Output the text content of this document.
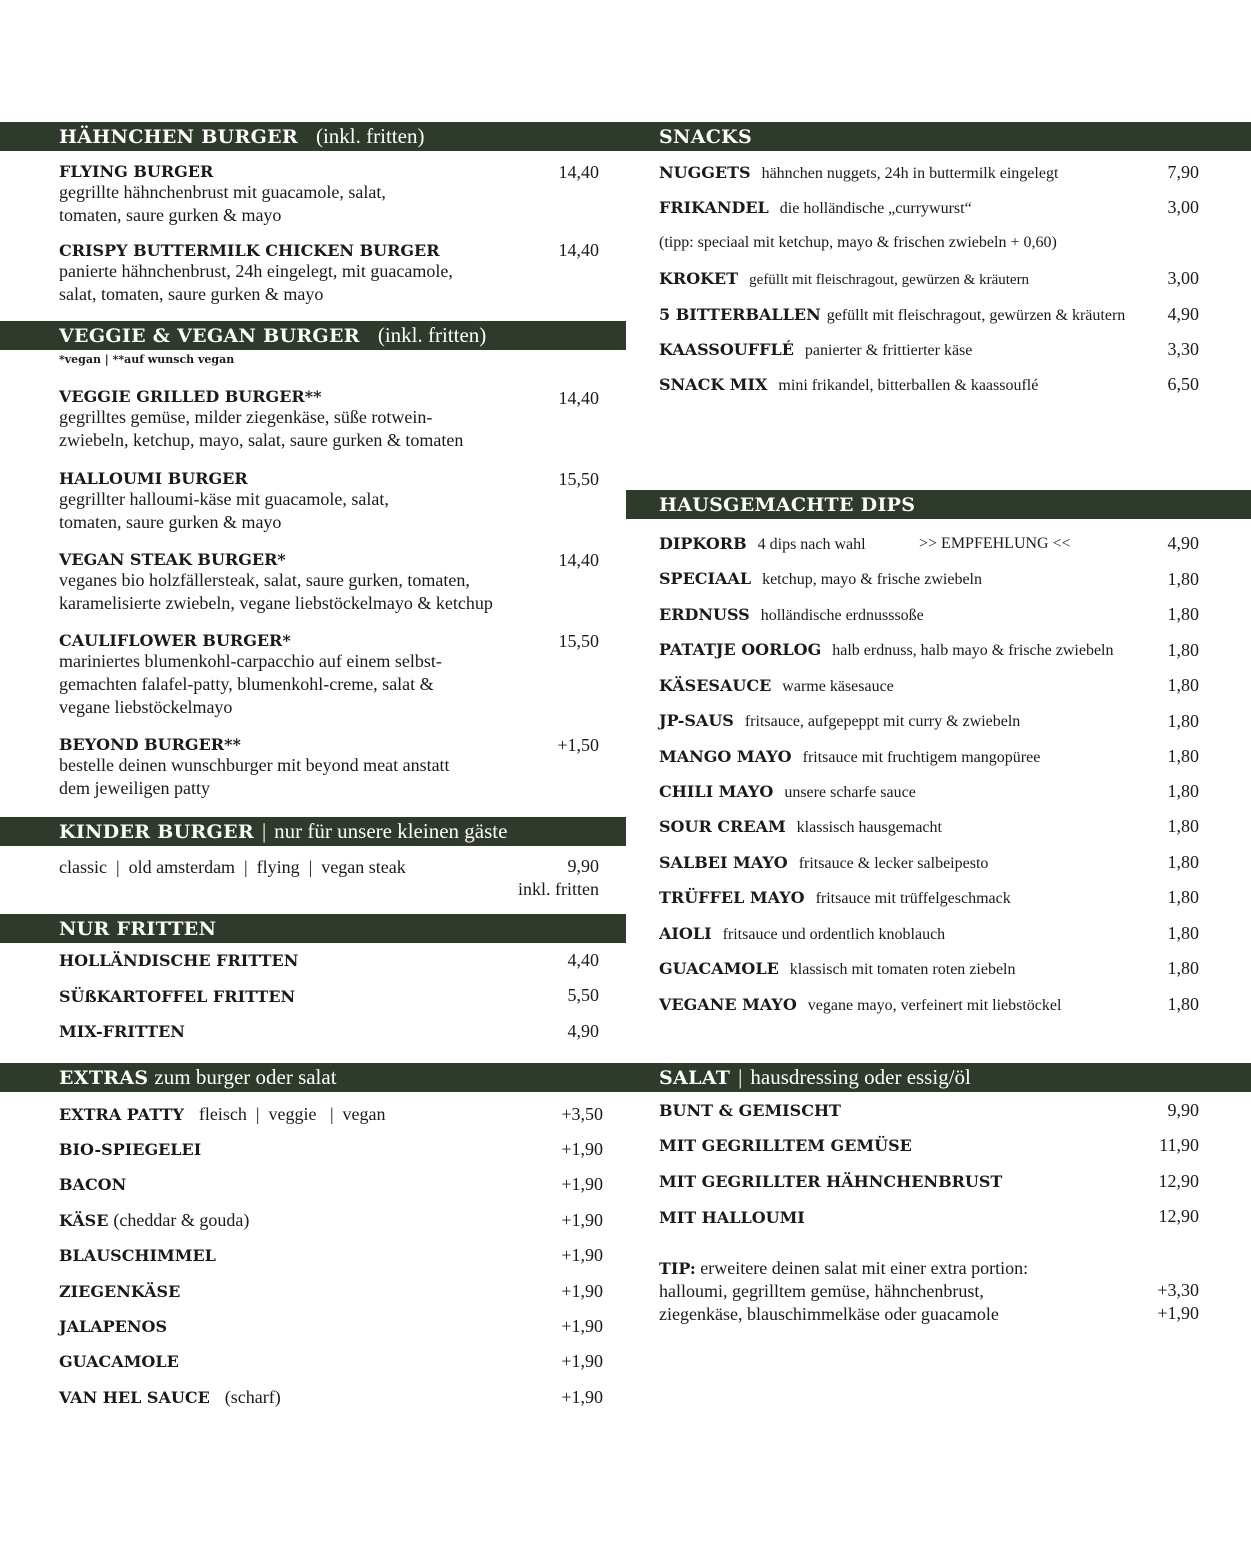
HÄHNCHEN BURGER (inkl. fritten)
FLYING BURGER
gegrillte hähnchenbrust mit guacamole, salat,
tomaten, saure gurken & mayo
14,40
CRISPY BUTTERMILK CHICKEN BURGER
panierte hähnchenbrust, 24h eingelegt, mit guacamole,
salat, tomaten, saure gurken & mayo
14,40
VEGGIE & VEGAN BURGER (inkl. fritten)
*vegan | **auf wunsch vegan
VEGGIE GRILLED BURGER**
gegrilltes gemüse, milder ziegenkäse, süße rotwein-
zwiebeln, ketchup, mayo, salat, saure gurken & tomaten
14,40
HALLOUMI BURGER
gegrillter halloumi-käse mit guacamole, salat,
tomaten, saure gurken & mayo
15,50
VEGAN STEAK BURGER*
veganes bio holzfällersteak, salat, saure gurken, tomaten,
karamelisierte zwiebeln, vegane liebstöckelmayo & ketchup
14,40
CAULIFLOWER BURGER*
mariniertes blumenkohl-carpacchio auf einem selbst-
gemachten falafel-patty, blumenkohl-creme, salat &
vegane liebstöckelmayo
15,50
BEYOND BURGER**
bestelle deinen wunschburger mit beyond meat anstatt
dem jeweiligen patty
+1,50
KINDER BURGER | nur für unsere kleinen gäste
classic  |  old amsterdam  |  flying  |  vegan steak	9,90
inkl. fritten
NUR FRITTEN
HOLLÄNDISCHE FRITTEN	4,40
SÜßKARTOFFEL FRITTEN	5,50
MIX-FRITTEN	4,90
EXTRAS zum burger oder salat
EXTRA PATTY fleisch  |  veggie   |  vegan	+3,50
BIO-SPIEGELEI	+1,90
BACON	+1,90
KÄSE (cheddar & gouda)	+1,90
BLAUSCHIMMEL	+1,90
ZIEGENKÄSE	+1,90
JALAPENOS	+1,90
GUACAMOLE	+1,90
VAN HEL SAUCE (scharf)	+1,90
SNACKS
NUGGETS hähnchen nuggets, 24h in buttermilk eingelegt	7,90
FRIKANDEL die holländische „currywurst“	3,00
(tipp: speciaal mit ketchup, mayo & frischen zwiebeln + 0,60)
KROKET gefüllt mit fleischragout, gewürzen & kräutern	3,00
5 BITTERBALLEN gefüllt mit fleischragout, gewürzen & kräutern 4,90
KAASSOUFFLÉ panierter & frittierter käse	3,30
SNACK MIX mini frikandel, bitterballen & kaassouflé	6,50
HAUSGEMACHTE DIPS
DIPKORB 4 dips nach wahl	>> EMPFEHLUNG <<	4,90
SPECIAAL ketchup, mayo & frische zwiebeln	1,80
ERDNUSS holländische erdnusssoße	1,80
PATATJE OORLOG halb erdnuss, halb mayo & frische zwiebeln	1,80
KÄSESAUCE warme käsesauce	1,80
JP-SAUS fritsauce, aufgepeppt mit curry & zwiebeln	1,80
MANGO MAYO fritsauce mit fruchtigem mangopüree	1,80
CHILI MAYO unsere scharfe sauce	1,80
SOUR CREAM klassisch hausgemacht	1,80
SALBEI MAYO fritsauce & lecker salbeipesto	1,80
TRÜFFEL MAYO fritsauce mit trüffelgeschmack	1,80
AIOLI fritsauce und ordentlich knoblauch	1,80
GUACAMOLE klassisch mit tomaten roten ziebeln	1,80
VEGANE MAYO vegane mayo, verfeinert mit liebstöckel	1,80
SALAT | hausdressing oder essig/öl
BUNT & GEMISCHT	9,90
MIT GEGRILLTEM GEMÜSE	11,90
MIT GEGRILLTER HÄHNCHENBRUST	12,90
MIT HALLOUMI	12,90
TIP: erweitere deinen salat mit einer extra portion:
halloumi, gegrilltem gemüse, hähnchenbrust,
ziegenkäse, blauschimmelkäse oder guacamole
+3,30
+1,90
